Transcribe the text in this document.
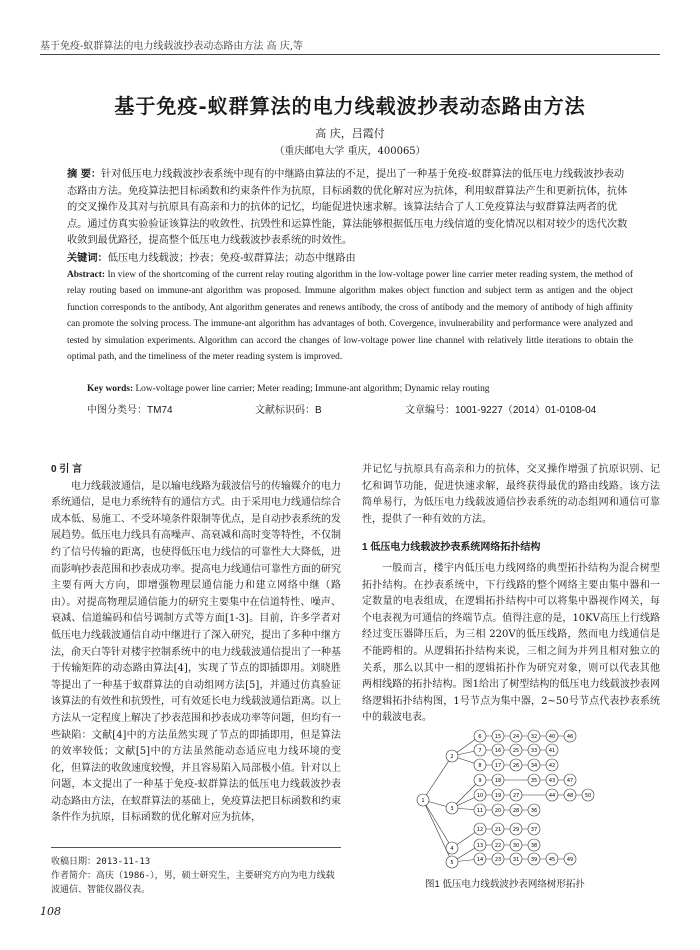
基于免疫-蚁群算法的电力线载波抄表动态路由方法 高 庆,等
基于免疫-蚁群算法的电力线载波抄表动态路由方法
高 庆，吕霞付
（重庆邮电大学 重庆，400065）
摘 要：针对低压电力线载波抄表系统中现有的中继路由算法的不足，提出了一种基于免疫-蚁群算法的低压电力线载波抄表动态路由方法。免疫算法把目标函数和约束条件作为抗原，目标函数的优化解对应为抗体，利用蚁群算法产生和更新抗体，抗体的交叉操作及其对与抗原具有高亲和力的抗体的记忆，均能促进快速求解。该算法结合了人工免疫算法与蚁群算法两者的优点。通过仿真实验验证该算法的收敛性、抗毁性和运算性能，算法能够根据低压电力线信道的变化情况以相对较少的迭代次数收敛到最优路径，提高整个低压电力线载波抄表系统的时效性。
关键词：低压电力线载波；抄表；免疫-蚁群算法；动态中继路由
Abstract: In view of the shortcoming of the current relay routing algorithm in the low-voltage power line carrier meter reading system, the method of relay routing based on immune-ant algorithm was proposed. Immune algorithm makes object function and subject term as antigen and the object function corresponds to the antibody, Ant algorithm generates and renews antibody, the cross of antibody and the memory of antibody of high affinity can promote the solving process. The immune-ant algorithm has advantages of both. Covergence, invulnerability and performance were analyzed and tested by simulation experiments. Algorithm can accord the changes of low-voltage power line channel with relatively little iterations to obtain the optimal path, and the timeliness of the meter reading system is improved.
Key words: Low-voltage power line carrier; Meter reading; Immune-ant algorithm; Dynamic relay routing
中图分类号：TM74	文献标识码：B	文章编号：1001-9227（2014）01-0108-04
0 引 言

电力线载波通信，是以输电线路为载波信号的传输媒介的电力系统通信，是电力系统特有的通信方式。由于采用电力线通信综合成本低、易施工、不受环境条件限制等优点，是自动抄表系统的发展趋势。低压电力线具有高噪声、高衰减和高时变等特性，不仅制约了信号传输的距离，也使得低压电力线信的可靠性大大降低，进而影响抄表范围和抄表成功率。提高电力线通信可靠性方面的研究主要有两大方向，即增强物理层通信能力和建立网络中继（路由）。对提高物理层通信能力的研究主要集中在信道特性、噪声、衰减、信道编码和信号调制方式等方面[1-3]。目前，许多学者对低压电力线载波通信自动中继进行了深入研究，提出了多种中继方法，俞天白等针对楼宇控制系统中的电力线载波通信提出了一种基于传输矩阵的动态路由算法[4]，实现了节点的即插即用。刘晓胜等提出了一种基于蚁群算法的自动组网方法[5]，并通过仿真验证该算法的有效性和抗毁性，可有效延长电力线载波通信距离。以上方法从一定程度上解决了抄表范围和抄表成功率等问题，但均有一些缺陷：文献[4]中的方法虽然实现了节点的即插即用，但是算法的效率较低；文献[5]中的方法虽然能动态适应电力线环境的变化，但算法的收敛速度较慢，并且容易陷入局部极小值。针对以上问题，本文提出了一种基于免疫-蚁群算法的低压电力线载波抄表动态路由方法，在蚁群算法的基础上，免疫算法把目标函数和约束条件作为抗原，目标函数的优化解对应为抗体，

并记忆与抗原具有高亲和力的抗体，交叉操作增强了抗原识别、记忆和调节功能，促进快速求解，最终获得最优的路由线路。该方法简单易行，为低压电力线载波通信抄表系统的动态组网和通信可靠性，提供了一种有效的方法。

1 低压电力线载波抄表系统网络拓扑结构

一般而言，楼宇内低压电力线网络的典型拓扑结构为混合树型拓扑结构。在抄表系统中，下行线路的整个网络主要由集中器和一定数量的电表组成，在逻辑拓扑结构中可以将集中器视作网关，每个电表视为可通信的终端节点。值得注意的是，10KV高压上行线路经过变压器降压后，为三相 220V的低压线路，然而电力线通信是不能跨相的。从逻辑拓扑结构来说，三相之间为并列且相对独立的关系，那么以其中一相的逻辑拓扑作为研究对象，则可以代表其他两相线路的拓扑结构。图1给出了树型结构的低压电力线载波抄表网络逻辑拓扑结构图，1号节点为集中器，2~50号节点代表抄表系统中的载波电表。

1
2
3
4
5
6
7
8
9
10
11
12
13
14
15
16
17
18
19
20
21
22
23
24
25
26
27
28
29
30
31
32
33
34
35
36
37
38
39
40
41
42
43
44
45
46
47
48
49
50
图1 低压电力线载波抄表网络树形拓扑
收稿日期：2013-11-13
作者简介：高庆（1986-），男，硕士研究生，主要研究方向为电力线载波通信、智能仪器仪表。
108
